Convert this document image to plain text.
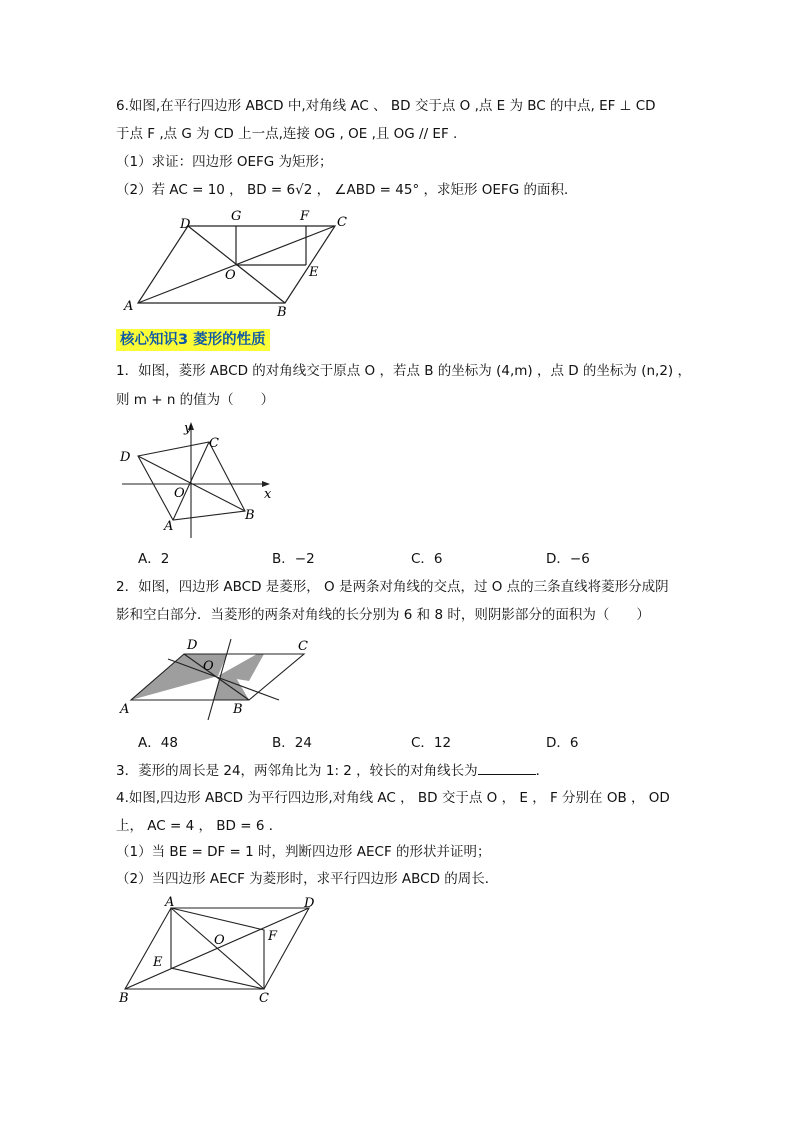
6.如图,在平行四边形 ABCD 中,对角线 AC 、 BD 交于点 O ,点 E 为 BC 的中点, EF ⊥ CD
于点 F ,点 G 为 CD 上一点,连接 OG , OE ,且 OG // EF .
（1）求证：四边形 OEFG 为矩形；
（2）若 AC = 10 ， BD = 6√2 ， ∠ABD = 45° ，求矩形 OEFG 的面积．
D
G	F C
O	E
A	B
核心知识3 菱形的性质
1．如图，菱形 ABCD 的对角线交于原点 O ，若点 B 的坐标为 (4,m) ，点 D 的坐标为 (n,2) ，
则 m + n 的值为（　　）
y
x
D
C
O
A
B
A．2	B．−2	C．6	D．−6
2．如图，四边形 ABCD 是菱形， O 是两条对角线的交点，过 O 点的三条直线将菱形分成阴
影和空白部分．当菱形的两条对角线的长分别为 6 和 8 时，则阴影部分的面积为（　　）
D	C
O
A	B
A．48	B．24	C．12	D．6
3．菱形的周长是 24，两邻角比为 1: 2 ，较长的对角线长为	．
4.如图,四边形 ABCD 为平行四边形,对角线 AC ， BD 交于点 O ， E ， F 分别在 OB ， OD
上， AC = 4 ， BD = 6 ．
（1）当 BE = DF = 1 时，判断四边形 AECF 的形状并证明；
（2）当四边形 AECF 为菱形时，求平行四边形 ABCD 的周长．
A	D
O	F
E
B	C
